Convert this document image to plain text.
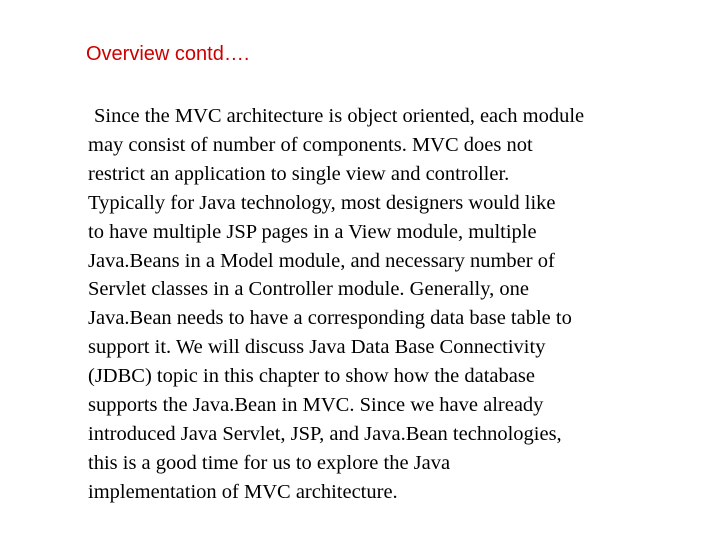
Overview contd….

Since the MVC architecture is object oriented, each module
may consist of number of components. MVC does not
restrict an application to single view and controller.
Typically for Java technology, most designers would like
to have multiple JSP pages in a View module, multiple
Java.Beans in a Model module, and necessary number of
Servlet classes in a Controller module. Generally, one
Java.Bean needs to have a corresponding data base table to
support it. We will discuss Java Data Base Connectivity
(JDBC) topic in this chapter to show how the database
supports the Java.Bean in MVC. Since we have already
introduced Java Servlet, JSP, and Java.Bean technologies,
this is a good time for us to explore the Java
implementation of MVC architecture.
